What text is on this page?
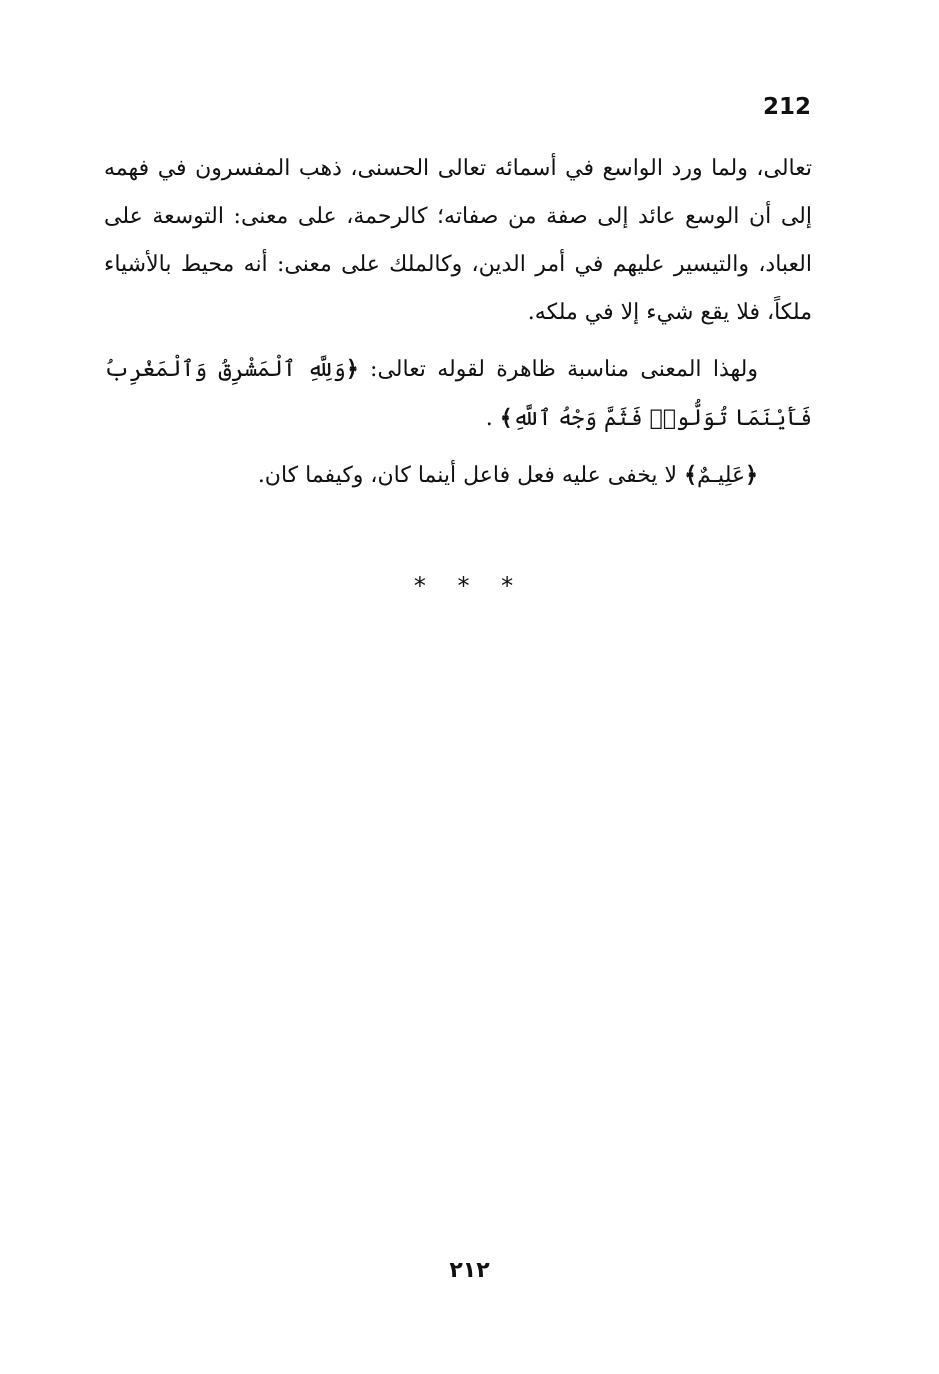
212

تعالى، ولما ورد الواسع في أسمائه تعالى الحسنى، ذهب المفسرون في فهمه إلى أن الوسع عائد إلى صفة من صفاته؛ كالرحمة، على معنى: التوسعة على العباد، والتيسير عليهم في أمر الدين، وكالملك على معنى: أنه محيط بالأشياء ملكاً، فلا يقع شيء إلا في ملكه.

ولهذا المعنى مناسبة ظاهرة لقوله تعالى: ﴿وَلِلَّهِ ٱلْمَشْرِقُ وَٱلْمَغْرِبُ فَأَيْنَمَا تُوَلُّوا۟ فَثَمَّ وَجْهُ ٱللَّهِ﴾ .

﴿عَلِيـمٌ﴾ لا يخفى عليه فعل فاعل أينما كان، وكيفما كان.

* * *
٢١٢
